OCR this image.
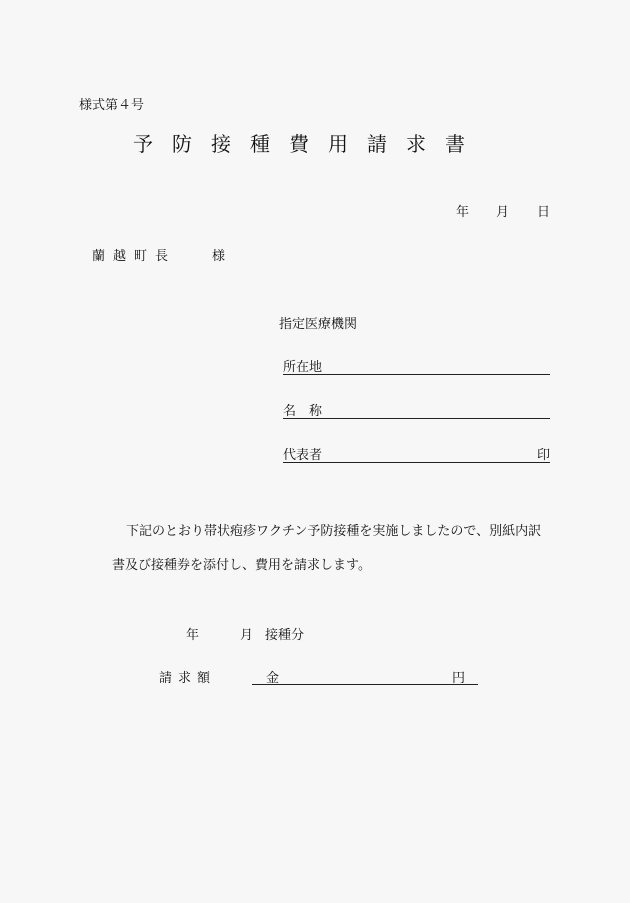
様式第４号
予防接種費用請求書
年 月 日
蘭越町長	様
指定医療機関
所在地
名　称
代表者	印
下記のとおり帯状疱疹ワクチン予防接種を実施しましたので、別紙内訳
書及び接種券を添付し、費用を請求します。
年	月 接種分
請求額	金	円
